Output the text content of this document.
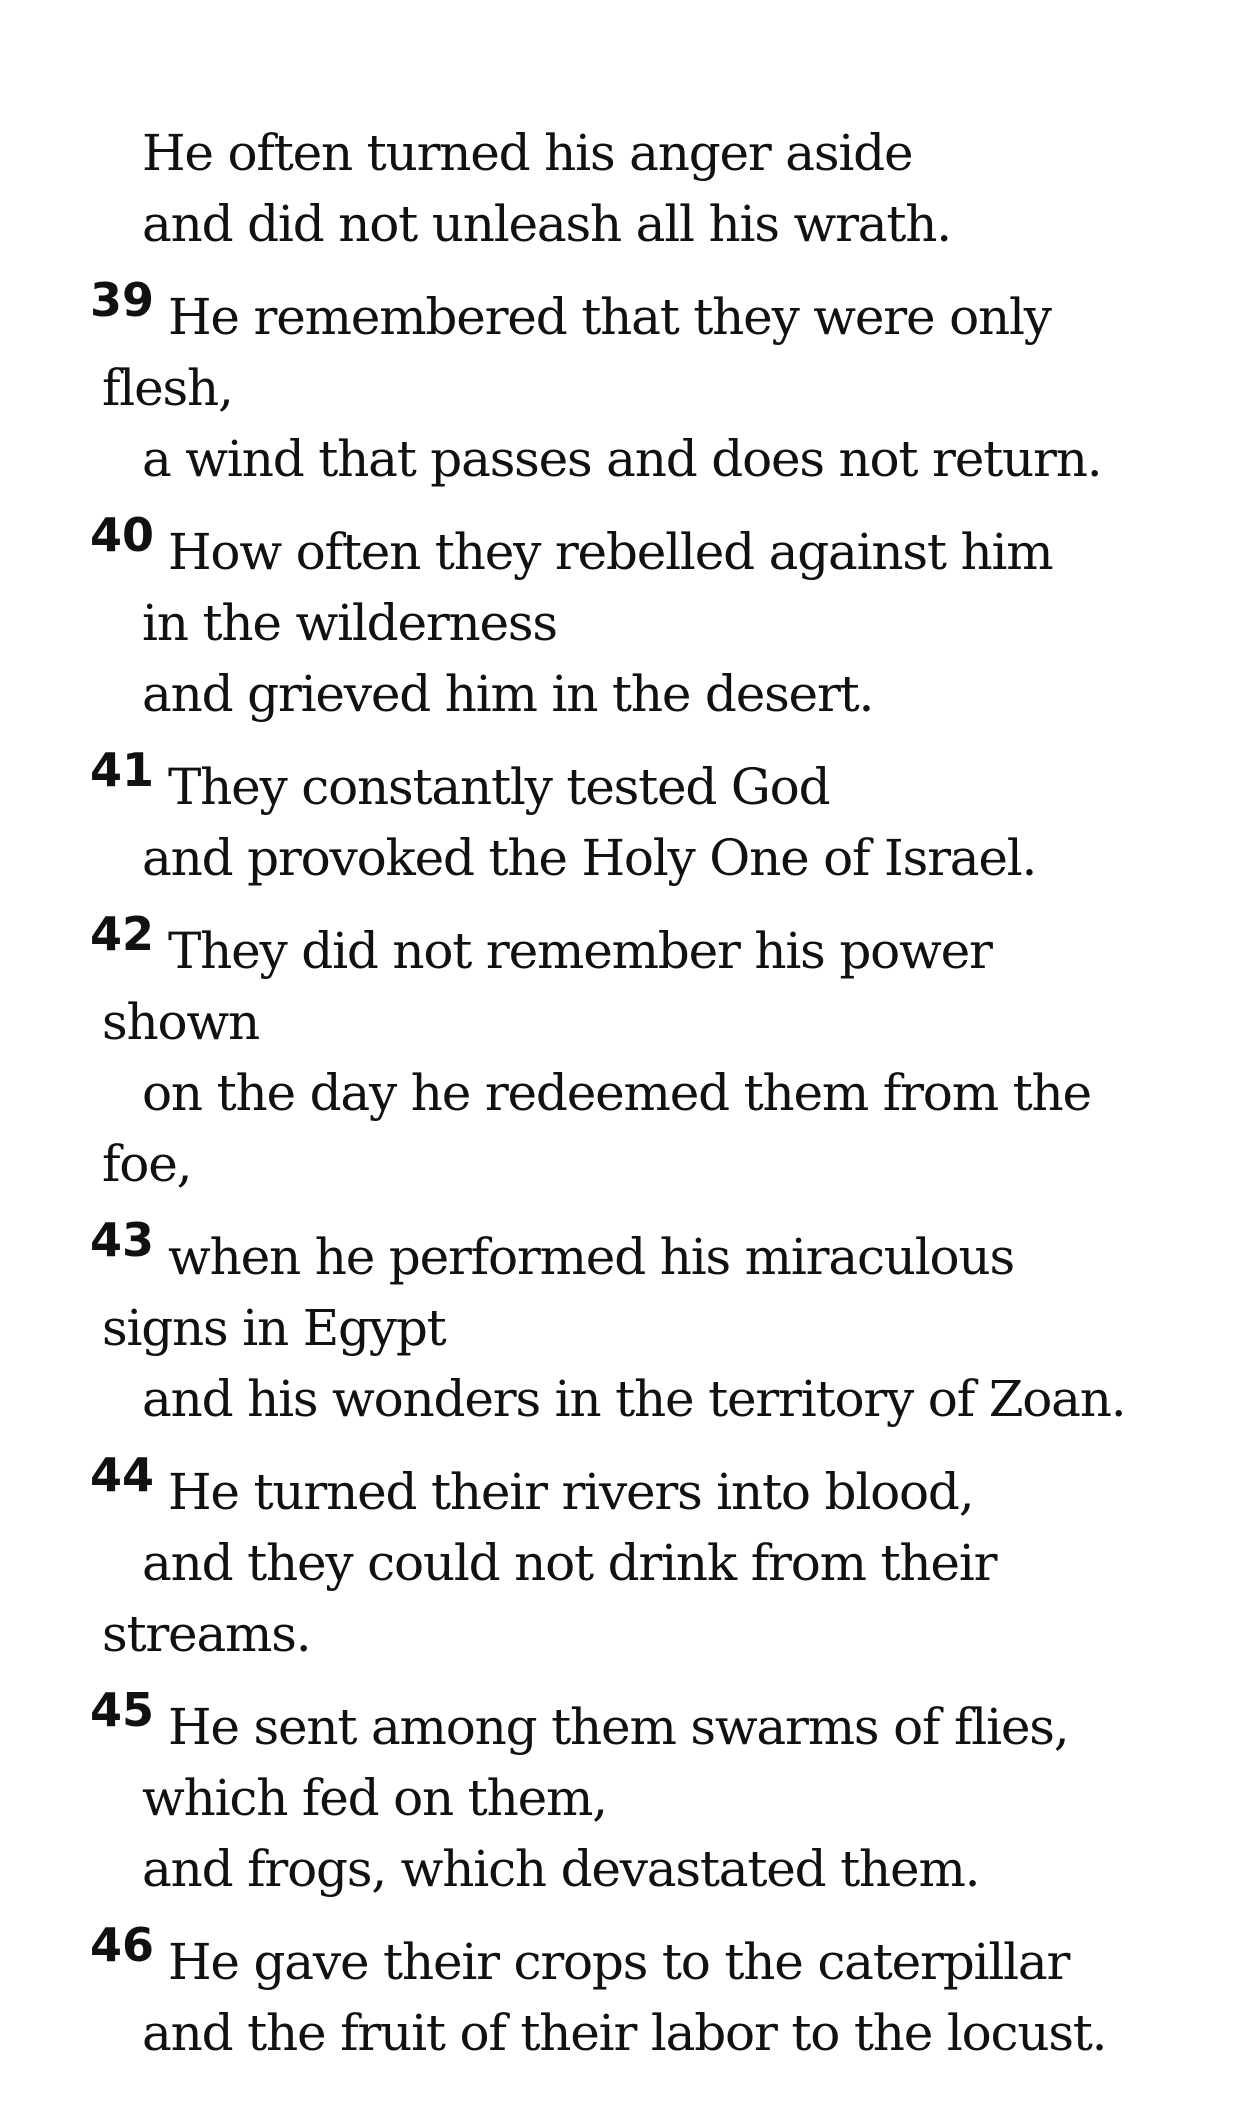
He often turned his anger aside
and did not unleash all his wrath.
39 He remembered that they were only
flesh,
a wind that passes and does not return.
40 How often they rebelled against him
in the wilderness
and grieved him in the desert.
41 They constantly tested God
and provoked the Holy One of Israel.
42 They did not remember his power
shown
on the day he redeemed them from the
foe,
43 when he performed his miraculous
signs in Egypt
and his wonders in the territory of Zoan.
44 He turned their rivers into blood,
and they could not drink from their
streams.
45 He sent among them swarms of flies,
which fed on them,
and frogs, which devastated them.
46 He gave their crops to the caterpillar
and the fruit of their labor to the locust.
